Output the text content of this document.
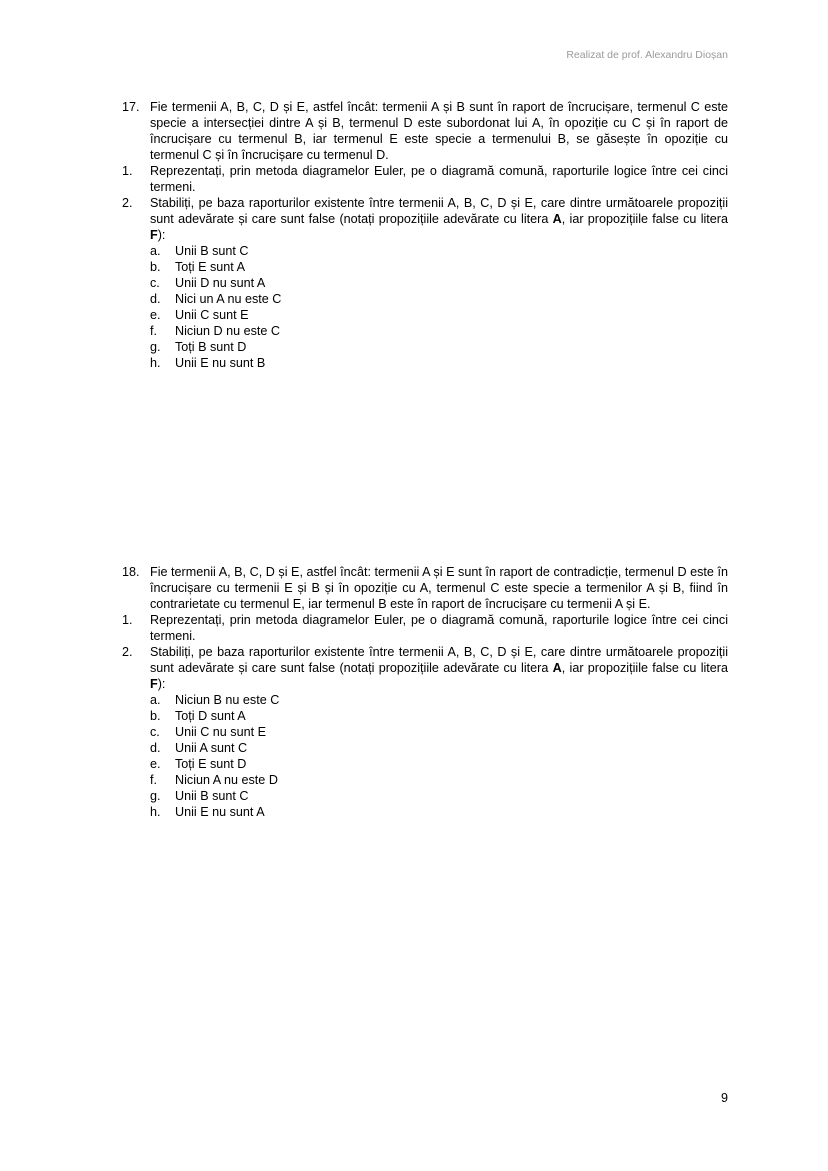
Realizat de prof. Alexandru Dioșan
17. Fie termenii A, B, C, D și E, astfel încât: termenii A și B sunt în raport de încrucișare, termenul C este specie a intersecției dintre A și B, termenul D este subordonat lui A, în opoziție cu C și în raport de încrucișare cu termenul B, iar termenul E este specie a termenului B, se găsește în opoziție cu termenul C și în încrucișare cu termenul D.
1.	Reprezentați, prin metoda diagramelor Euler, pe o diagramă comună, raporturile logice între cei cinci termeni.
2.	Stabiliți, pe baza raporturilor existente între termenii A, B, C, D și E, care dintre următoarele propoziții sunt adevărate și care sunt false (notați propozițiile adevărate cu litera A, iar propozițiile false cu litera F):
a.	Unii B sunt C
b.	Toți E sunt A
c.	Unii D nu sunt A
d.	Nici un A nu este C
e.	Unii C sunt E
f.	Niciun D nu este C
g.	Toți B sunt D
h.	Unii E nu sunt B
18. Fie termenii A, B, C, D și E, astfel încât: termenii A și E sunt în raport de contradicție, termenul D este în încrucișare cu termenii E și B și în opoziție cu A, termenul C este specie a termenilor A și B, fiind în contrarietate cu termenul E, iar termenul B este în raport de încrucișare cu termenii A și E.
1.	Reprezentați, prin metoda diagramelor Euler, pe o diagramă comună, raporturile logice între cei cinci termeni.
2.	Stabiliți, pe baza raporturilor existente între termenii A, B, C, D și E, care dintre următoarele propoziții sunt adevărate și care sunt false (notați propozițiile adevărate cu litera A, iar propozițiile false cu litera F):
a.	Niciun B nu este C
b.	Toți D sunt A
c.	Unii C nu sunt E
d.	Unii A sunt C
e.	Toți E sunt D
f.	Niciun A nu este D
g.	Unii B sunt C
h.	Unii E nu sunt A
9
